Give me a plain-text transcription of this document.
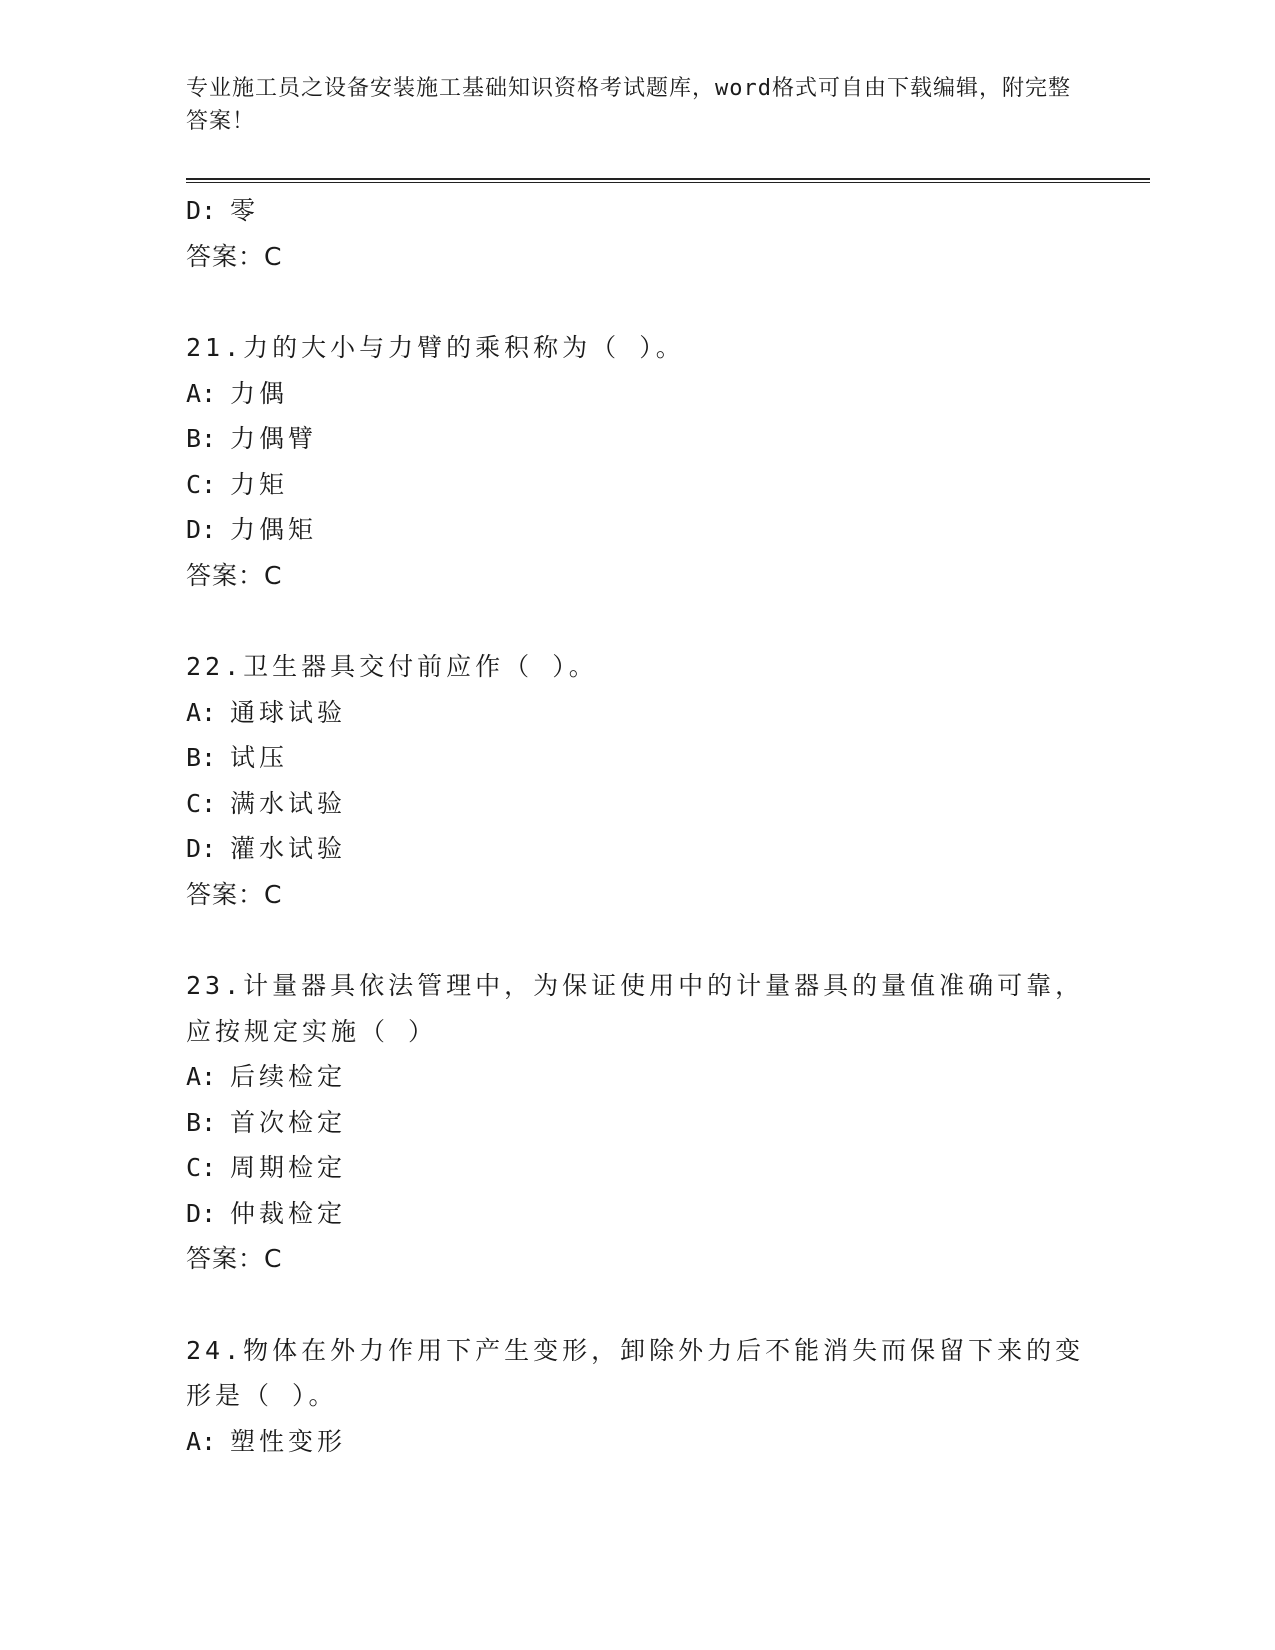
专业施工员之设备安装施工基础知识资格考试题库，word格式可自由下载编辑，附完整答案！
D: 零
答案：C
21.力的大小与力臂的乘积称为（ ）。
A: 力偶
B: 力偶臂
C: 力矩
D: 力偶矩
答案：C
22.卫生器具交付前应作（ ）。
A: 通球试验
B: 试压
C: 满水试验
D: 灌水试验
答案：C
23.计量器具依法管理中，为保证使用中的计量器具的量值准确可靠，应按规定实施（ ）
A: 后续检定
B: 首次检定
C: 周期检定
D: 仲裁检定
答案：C
24.物体在外力作用下产生变形，卸除外力后不能消失而保留下来的变形是（ ）。
A: 塑性变形
